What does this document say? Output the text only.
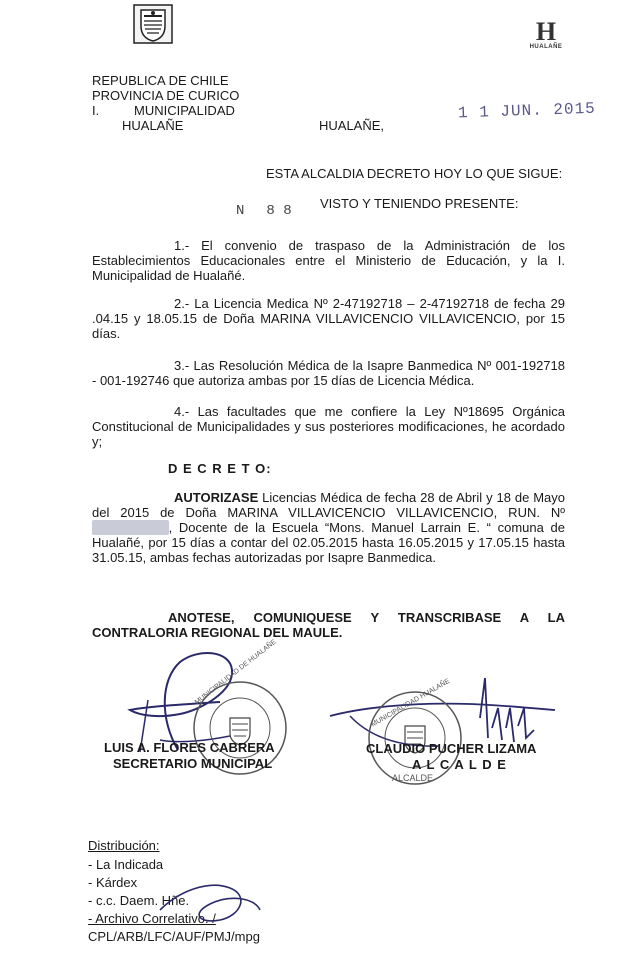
H
HUALAÑE
REPUBLICA DE CHILE
PROVINCIA DE CURICO
I.	MUNICIPALIDAD
HUALAÑE	HUALAÑE,
1 1 JUN. 2015
ESTA ALCALDIA DECRETO HOY LO QUE SIGUE:
N 8 8 VISTO Y TENIENDO PRESENTE:
1.- El convenio de traspaso de la Administración de los Establecimientos Educacionales entre el Ministerio de Educación, y la I. Municipalidad de Hualañé.
2.- La Licencia Medica Nº 2-47192718 – 2-47192718 de fecha 29 .04.15 y 18.05.15 de Doña MARINA VILLAVICENCIO VILLAVICENCIO, por 15 días.
3.- Las Resolución Médica de la Isapre Banmedica Nº 001-192718 - 001-192746 que autoriza ambas por 15 días de Licencia Médica.
4.- Las facultades que me confiere la Ley Nº18695 Orgánica Constitucional de Municipalidades y sus posteriores modificaciones, he acordado y;
D E C R E T O:
AUTORIZASE Licencias Médica de fecha 28 de Abril y 18 de Mayo del 2015 de Doña MARINA VILLAVICENCIO VILLAVICENCIO, RUN. Nº , Docente de la Escuela “Mons. Manuel Larrain E. “ comuna de Hualañé, por 15 días a contar del 02.05.2015 hasta 16.05.2015 y 17.05.15 hasta 31.05.15, ambas fechas autorizadas por Isapre Banmedica.
ANOTESE, COMUNIQUESE Y TRANSCRIBASE A LA
CONTRALORIA REGIONAL DEL MAULE.
MUNICIPALIDAD DE HUALAÑE	MUNICIPALIDAD HUALAÑE
ALCALDE
LUIS A. FLORES CABRERA
SECRETARIO MUNICIPAL
CLAUDIO PUCHER LIZAMA
A L C A L D E
Distribución:
- La Indicada
- Kárdex
- c.c. Daem. Hñe.
- Archivo Correlativo. /
CPL/ARB/LFC/AUF/PMJ/mpg
